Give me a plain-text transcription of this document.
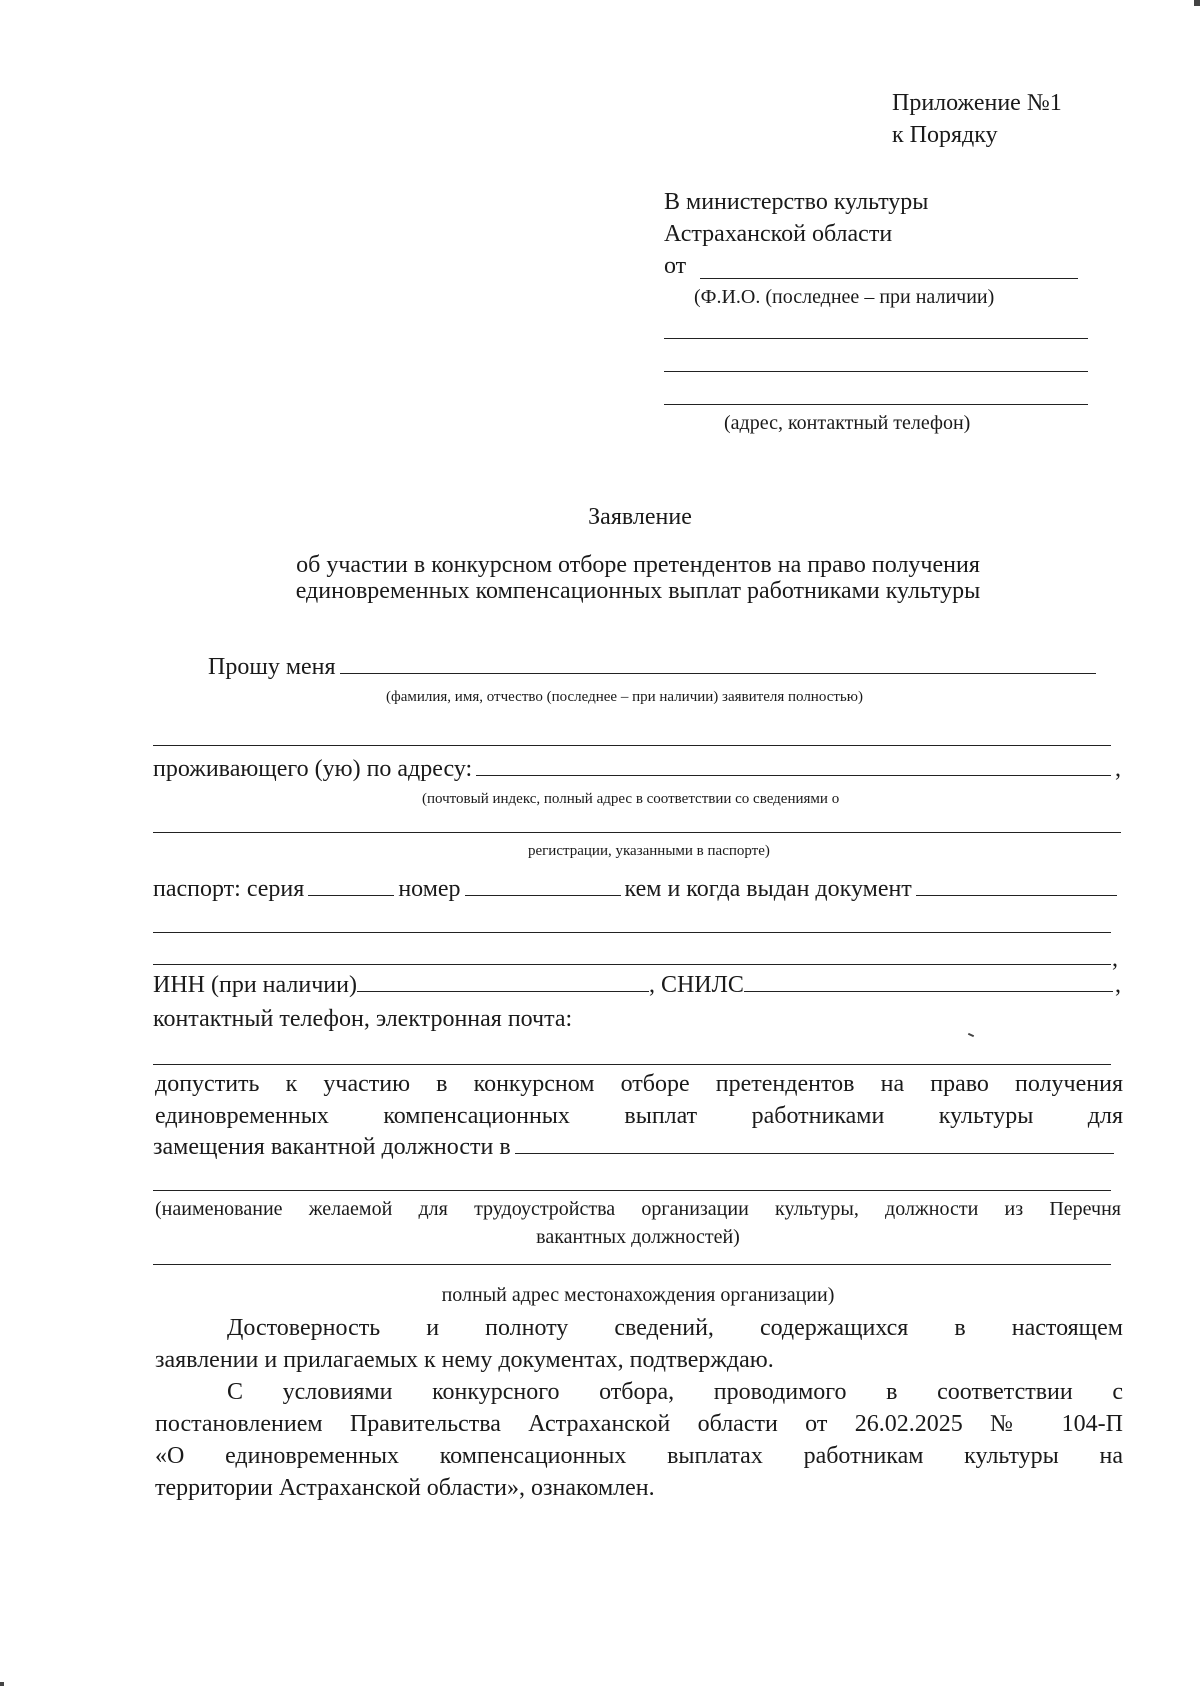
Приложение №1
к Порядку
В министерство культуры
Астраханской области
от
(Ф.И.О. (последнее – при наличии)
(адрес, контактный телефон)
Заявление
об участии в конкурсном отборе претендентов на право получения
единовременных компенсационных выплат работниками культуры
Прошу меня
(фамилия, имя, отчество (последнее – при наличии) заявителя полностью)
проживающего (ую) по адресу:	,
(почтовый индекс, полный адрес в соответствии со сведениями о
регистрации, указанными в паспорте)
паспорт: серия	номер	кем и когда выдан документ
,
ИНН (при наличии)	, СНИЛС	,
контактный телефон, электронная почта:
допустить к участию в конкурсном отборе претендентов на право получения
единовременных компенсационных выплат работниками культуры для
замещения вакантной должности в
(наименование желаемой для трудоустройства организации культуры, должности из Перечня
вакантных должностей)
полный адрес местонахождения организации)
Достоверность и полноту сведений, содержащихся в настоящем
заявлении и прилагаемых к нему документах, подтверждаю.
С условиями конкурсного отбора, проводимого в соответствии с
постановлением Правительства Астраханской области от 26.02.2025 № 104-П
«О единовременных компенсационных выплатах работникам культуры на
территории Астраханской области», ознакомлен.
